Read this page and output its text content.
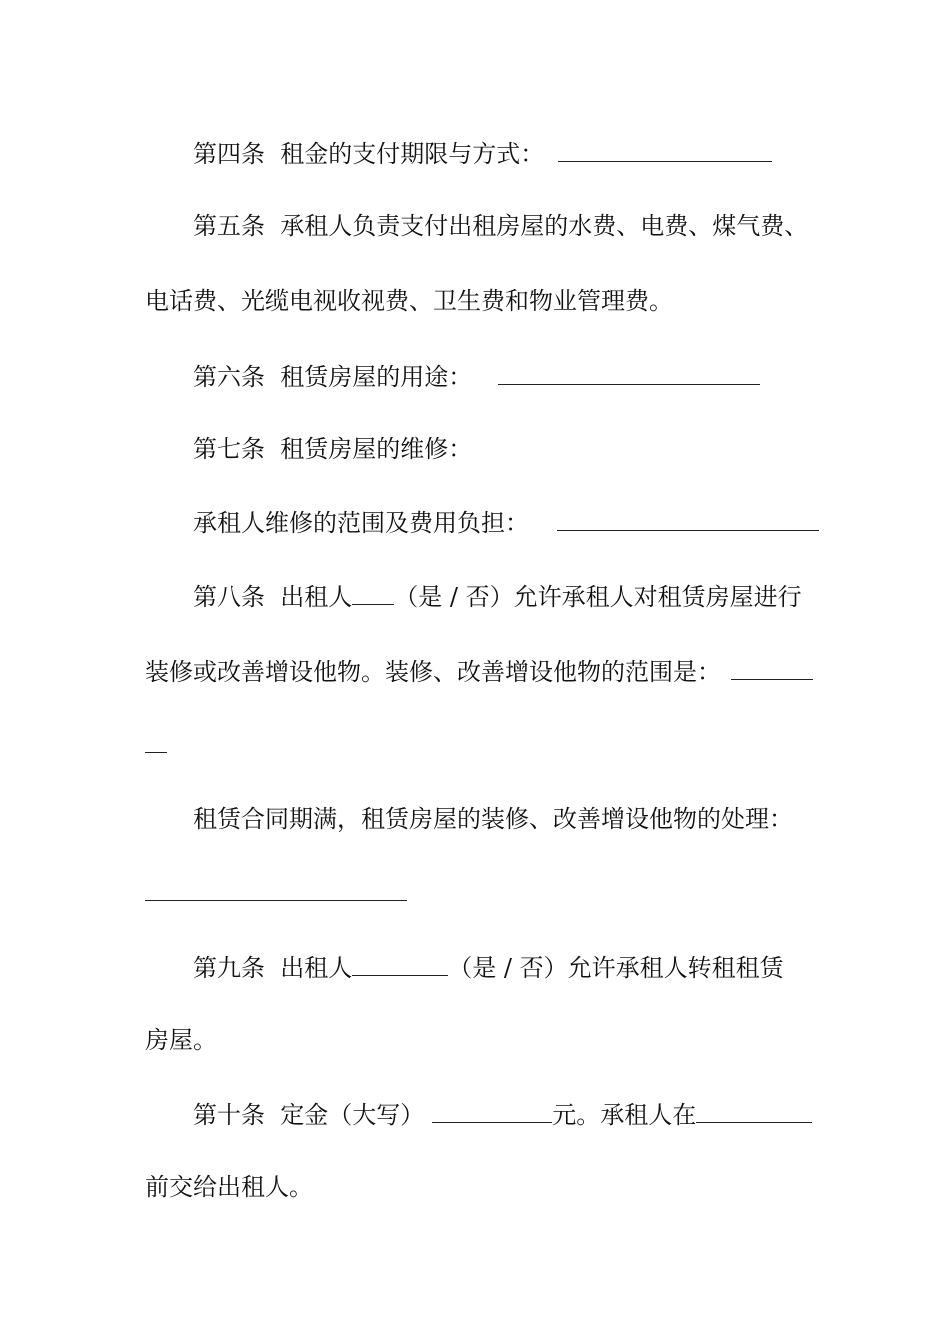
第四条 租金的支付期限与方式：
第五条 承租人负责支付出租房屋的水费、电费、煤气费、
电话费、光缆电视收视费、卫生费和物业管理费。
第六条 租赁房屋的用途：
第七条 租赁房屋的维修：
承租人维修的范围及费用负担：
第八条 出租人 （是 / 否）允许承租人对租赁房屋进行
装修或改善增设他物。装修、改善增设他物的范围是：
租赁合同期满，租赁房屋的装修、改善增设他物的处理：
第九条 出租人	（是 / 否）允许承租人转租租赁
房屋。
第十条 定金（大写）	元。承租人在
前交给出租人。
